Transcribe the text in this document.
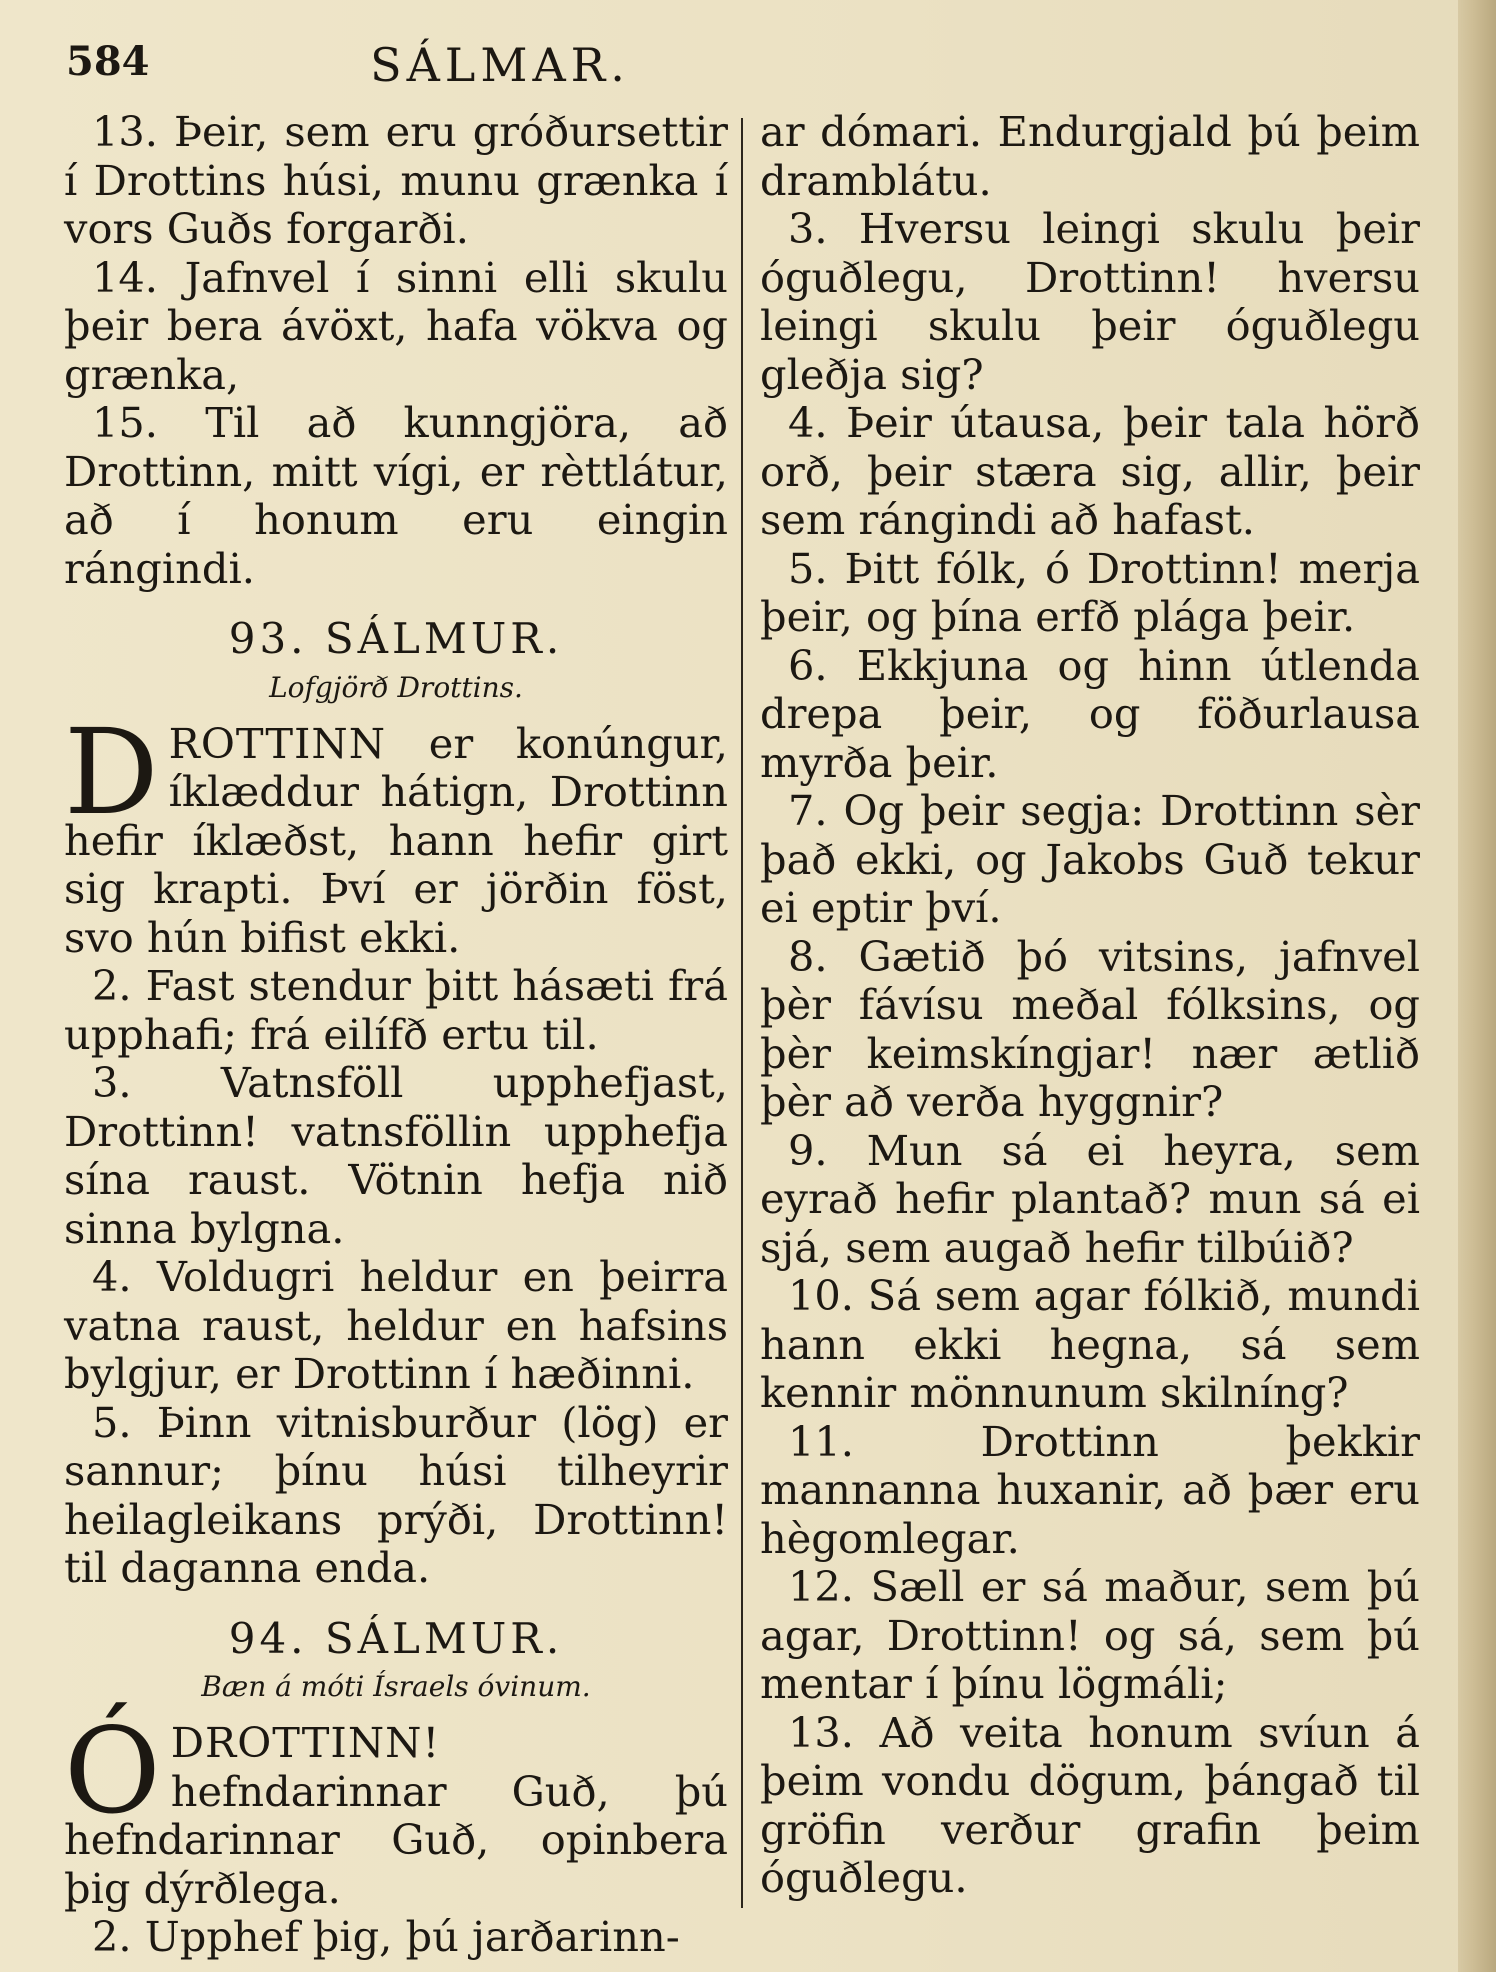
584	SÁLMAR.

13. Þeir, sem eru gróðursettir í Drottins húsi, munu grænka í vors Guðs forgarði.

14. Jafnvel í sinni elli skulu þeir bera ávöxt, hafa vökva og grænka,

15. Til að kunngjöra, að Drottinn, mitt vígi, er rèttlátur, að í honum eru eingin rángindi.

93. SÁLMUR.
Lofgjörð Drottins.

DROTTINN er konúngur, íklæddur hátign, Drottinn hefir íklæðst, hann hefir girt sig krapti. Því er jörðin föst, svo hún bifist ekki.

2. Fast stendur þitt hásæti frá upphafi; frá eilífð ertu til.

3. Vatnsföll upphefjast, Drottinn! vatnsföllin upphefja sína raust. Vötnin hefja nið sinna bylgna.

4. Voldugri heldur en þeirra vatna raust, heldur en hafsins bylgjur, er Drottinn í hæðinni.

5. Þinn vitnisburður (lög) er sannur; þínu húsi tilheyrir heilagleikans prýði, Drottinn! til daganna enda.

94. SÁLMUR.
Bæn á móti Ísraels óvinum.

ÓDROTTINN! hefndarinnar Guð, þú hefndarinnar Guð, opinbera þig dýrðlega.

2. Upphef þig, þú jarðarinn-

ar dómari. Endurgjald þú þeim dramblátu.

3. Hversu leingi skulu þeir óguðlegu, Drottinn! hversu leingi skulu þeir óguðlegu gleðja sig?

4. Þeir útausa, þeir tala hörð orð, þeir stæra sig, allir, þeir sem rángindi að hafast.

5. Þitt fólk, ó Drottinn! merja þeir, og þína erfð plága þeir.

6. Ekkjuna og hinn útlenda drepa þeir, og föðurlausa myrða þeir.

7. Og þeir segja: Drottinn sèr það ekki, og Jakobs Guð tekur ei eptir því.

8. Gætið þó vitsins, jafnvel þèr fávísu meðal fólksins, og þèr keimskíngjar! nær ætlið þèr að verða hyggnir?

9. Mun sá ei heyra, sem eyrað hefir plantað? mun sá ei sjá, sem augað hefir tilbúið?

10. Sá sem agar fólkið, mundi hann ekki hegna, sá sem kennir mönnunum skilníng?

11. Drottinn þekkir mannanna huxanir, að þær eru hègomlegar.

12. Sæll er sá maður, sem þú agar, Drottinn! og sá, sem þú mentar í þínu lögmáli;

13. Að veita honum svíun á þeim vondu dögum, þángað til gröfin verður grafin þeim óguðlegu.
